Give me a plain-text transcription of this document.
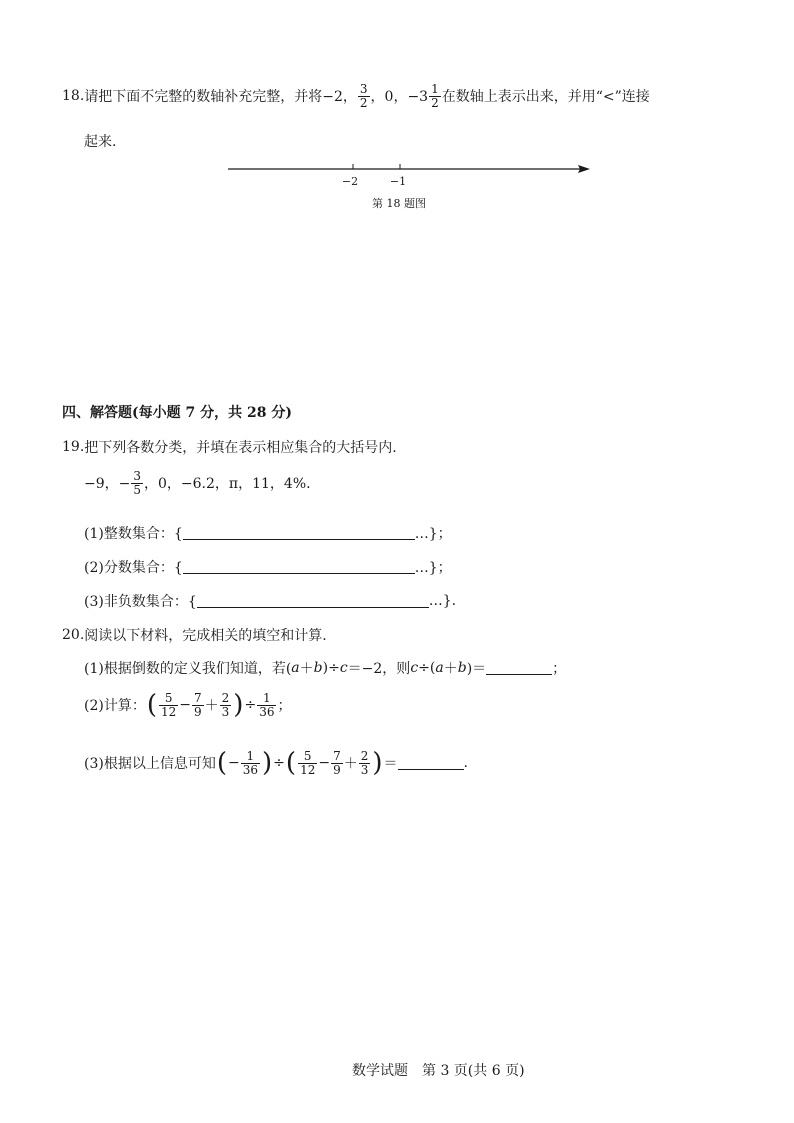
18. 请把下面不完整的数轴补充完整，并将 −2， $\frac{3}{2}$ ，0，$-3 \frac{1}{2}$ 在数轴上表示出来，并用“<”连接
起来.
−2	−1
第 18 题图
四、解答题(每小题 7 分，共 28 分)
19. 把下列各数分类，并填在表示相应集合的大括号内.
−9，− $\frac{3}{5}$ ，0，−6.2，π，11，4%.
(1)整数集合：{	…}；
(2)分数集合：{	…}；
(3)非负数集合：{	…}.
20. 阅读以下材料，完成相关的填空和计算.
(1)根据倒数的定义我们知道，若( a ＋ b )÷ c ＝−2，则 c ÷( a ＋ b )＝	；
(2)计算： ( $\frac{5}{12} - \frac{7}{9} + \frac{2}{3}$ ) ÷ $\frac{1}{36}$ ；
(3)根据以上信息可知 ( − $\frac{1}{36}$ ) ÷ ( $\frac{5}{12} - \frac{7}{9} + \frac{2}{3}$ ) ＝	.
数学试题　第 3 页(共 6 页)
